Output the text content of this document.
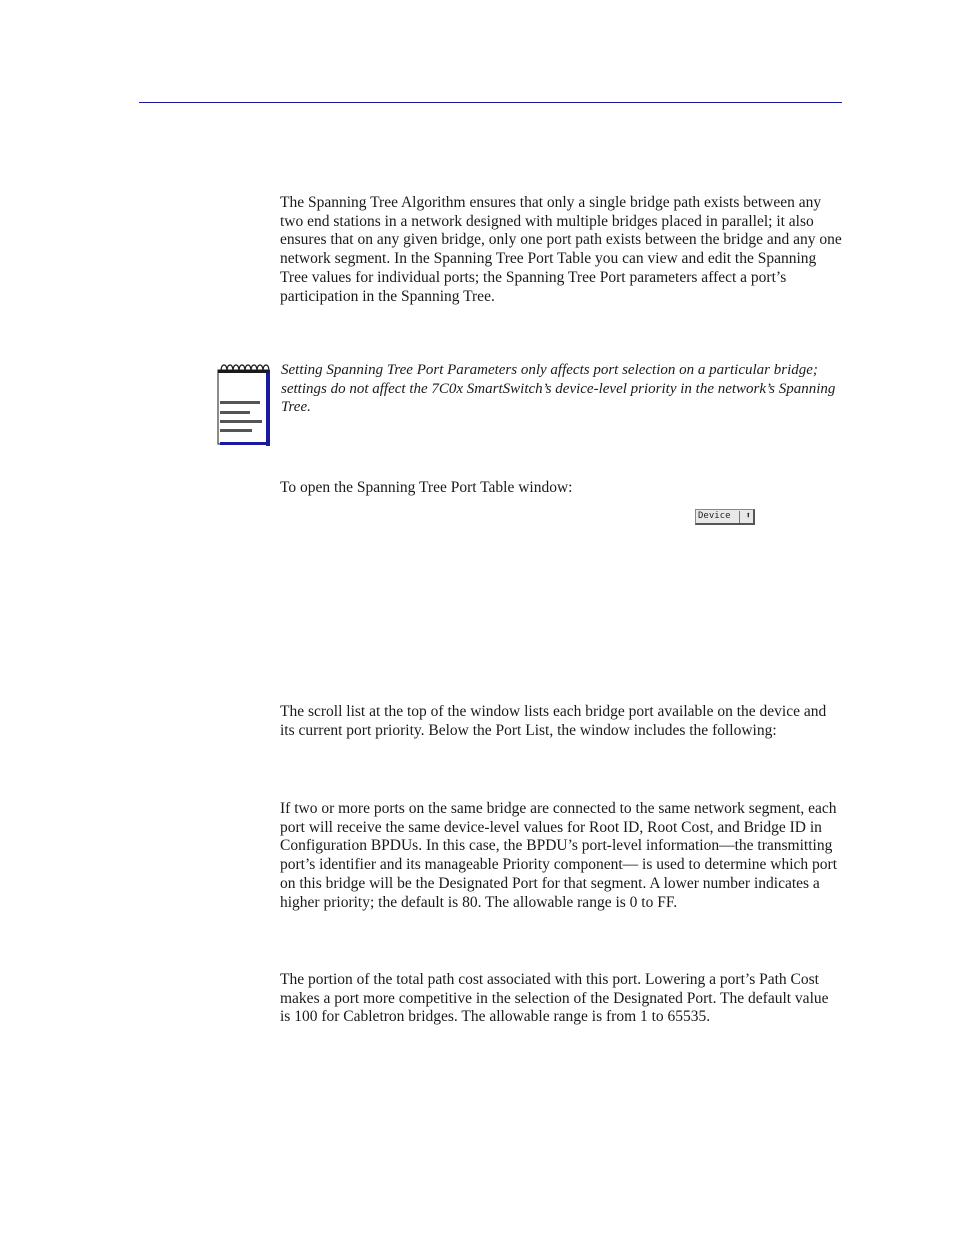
The Spanning Tree Algorithm ensures that only a single bridge path exists between any two end stations in a network designed with multiple bridges placed in parallel; it also ensures that on any given bridge, only one port path exists between the bridge and any one network segment. In the Spanning Tree Port Table you can view and edit the Spanning Tree values for individual ports; the Spanning Tree Port parameters affect a port’s participation in the Spanning Tree.

Setting Spanning Tree Port Parameters only affects port selection on a particular bridge; settings do not affect the 7C0x SmartSwitch’s device-level priority in the network’s Spanning Tree.

To open the Spanning Tree Port Table window:

Device ⬆

The scroll list at the top of the window lists each bridge port available on the device and its current port priority. Below the Port List, the window includes the following:

If two or more ports on the same bridge are connected to the same network segment, each port will receive the same device-level values for Root ID, Root Cost, and Bridge ID in Configuration BPDUs. In this case, the BPDU’s port-level information—the transmitting port’s identifier and its manageable Priority component— is used to determine which port on this bridge will be the Designated Port for that segment. A lower number indicates a higher priority; the default is 80. The allowable range is 0 to FF.

The portion of the total path cost associated with this port. Lowering a port’s Path Cost makes a port more competitive in the selection of the Designated Port. The default value is 100 for Cabletron bridges. The allowable range is from 1 to 65535.
